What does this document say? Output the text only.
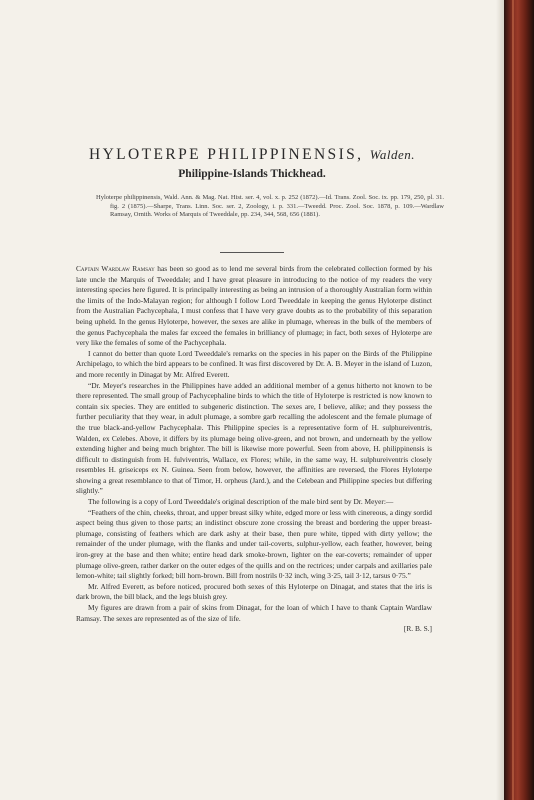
HYLOTERPE PHILIPPINENSIS, Walden.
Philippine-Islands Thickhead.
Hyloterpe philippinensis, Wald. Ann. & Mag. Nat. Hist. ser. 4, vol. x. p. 252 (1872).—Id. Trans. Zool. Soc. ix. pp. 179, 250, pl. 31. fig. 2 (1875).—Sharpe, Trans. Linn. Soc. ser. 2, Zoology, i. p. 331.—Tweedd. Proc. Zool. Soc. 1878, p. 109.—Wardlaw Ramsay, Ornith. Works of Marquis of Tweeddale, pp. 234, 344, 568, 656 (1881).

Captain Wardlaw Ramsay has been so good as to lend me several birds from the celebrated collection formed by his late uncle the Marquis of Tweeddale; and I have great pleasure in introducing to the notice of my readers the very interesting species here figured. It is principally interesting as being an intrusion of a thoroughly Australian form within the limits of the Indo-Malayan region; for although I follow Lord Tweeddale in keeping the genus Hyloterpe distinct from the Australian Pachycephala, I must confess that I have very grave doubts as to the probability of this separation being upheld. In the genus Hyloterpe, however, the sexes are alike in plumage, whereas in the bulk of the members of the genus Pachycephala the males far exceed the females in brilliancy of plumage; in fact, both sexes of Hyloterpe are very like the females of some of the Pachycephala.

I cannot do better than quote Lord Tweeddale's remarks on the species in his paper on the Birds of the Philippine Archipelago, to which the bird appears to be confined. It was first discovered by Dr. A. B. Meyer in the island of Luzon, and more recently in Dinagat by Mr. Alfred Everett.

“Dr. Meyer's researches in the Philippines have added an additional member of a genus hitherto not known to be there represented. The small group of Pachycephaline birds to which the title of Hyloterpe is restricted is now known to contain six species. They are entitled to subgeneric distinction. The sexes are, I believe, alike; and they possess the further peculiarity that they wear, in adult plumage, a sombre garb recalling the adolescent and the female plumage of the true black-and-yellow Pachycephalæ. This Philippine species is a representative form of H. sulphureiventris, Walden, ex Celebes. Above, it differs by its plumage being olive-green, and not brown, and underneath by the yellow extending higher and being much brighter. The bill is likewise more powerful. Seen from above, H. philippinensis is difficult to distinguish from H. fulviventris, Wallace, ex Flores; while, in the same way, H. sulphureiventris closely resembles H. griseiceps ex N. Guinea. Seen from below, however, the affinities are reversed, the Flores Hyloterpe showing a great resemblance to that of Timor, H. orpheus (Jard.), and the Celebean and Philippine species but differing slightly.”

The following is a copy of Lord Tweeddale's original description of the male bird sent by Dr. Meyer:—

“Feathers of the chin, cheeks, throat, and upper breast silky white, edged more or less with cinereous, a dingy sordid aspect being thus given to those parts; an indistinct obscure zone crossing the breast and bordering the upper breast-plumage, consisting of feathers which are dark ashy at their base, then pure white, tipped with dirty yellow; the remainder of the under plumage, with the flanks and under tail-coverts, sulphur-yellow, each feather, however, being iron-grey at the base and then white; entire head dark smoke-brown, lighter on the ear-coverts; remainder of upper plumage olive-green, rather darker on the outer edges of the quills and on the rectrices; under carpals and axillaries pale lemon-white; tail slightly forked; bill horn-brown. Bill from nostrils 0·32 inch, wing 3·25, tail 3·12, tarsus 0·75.”

Mr. Alfred Everett, as before noticed, procured both sexes of this Hyloterpe on Dinagat, and states that the iris is dark brown, the bill black, and the legs bluish grey.

My figures are drawn from a pair of skins from Dinagat, for the loan of which I have to thank Captain Wardlaw Ramsay. The sexes are represented as of the size of life.

[R. B. S.]
